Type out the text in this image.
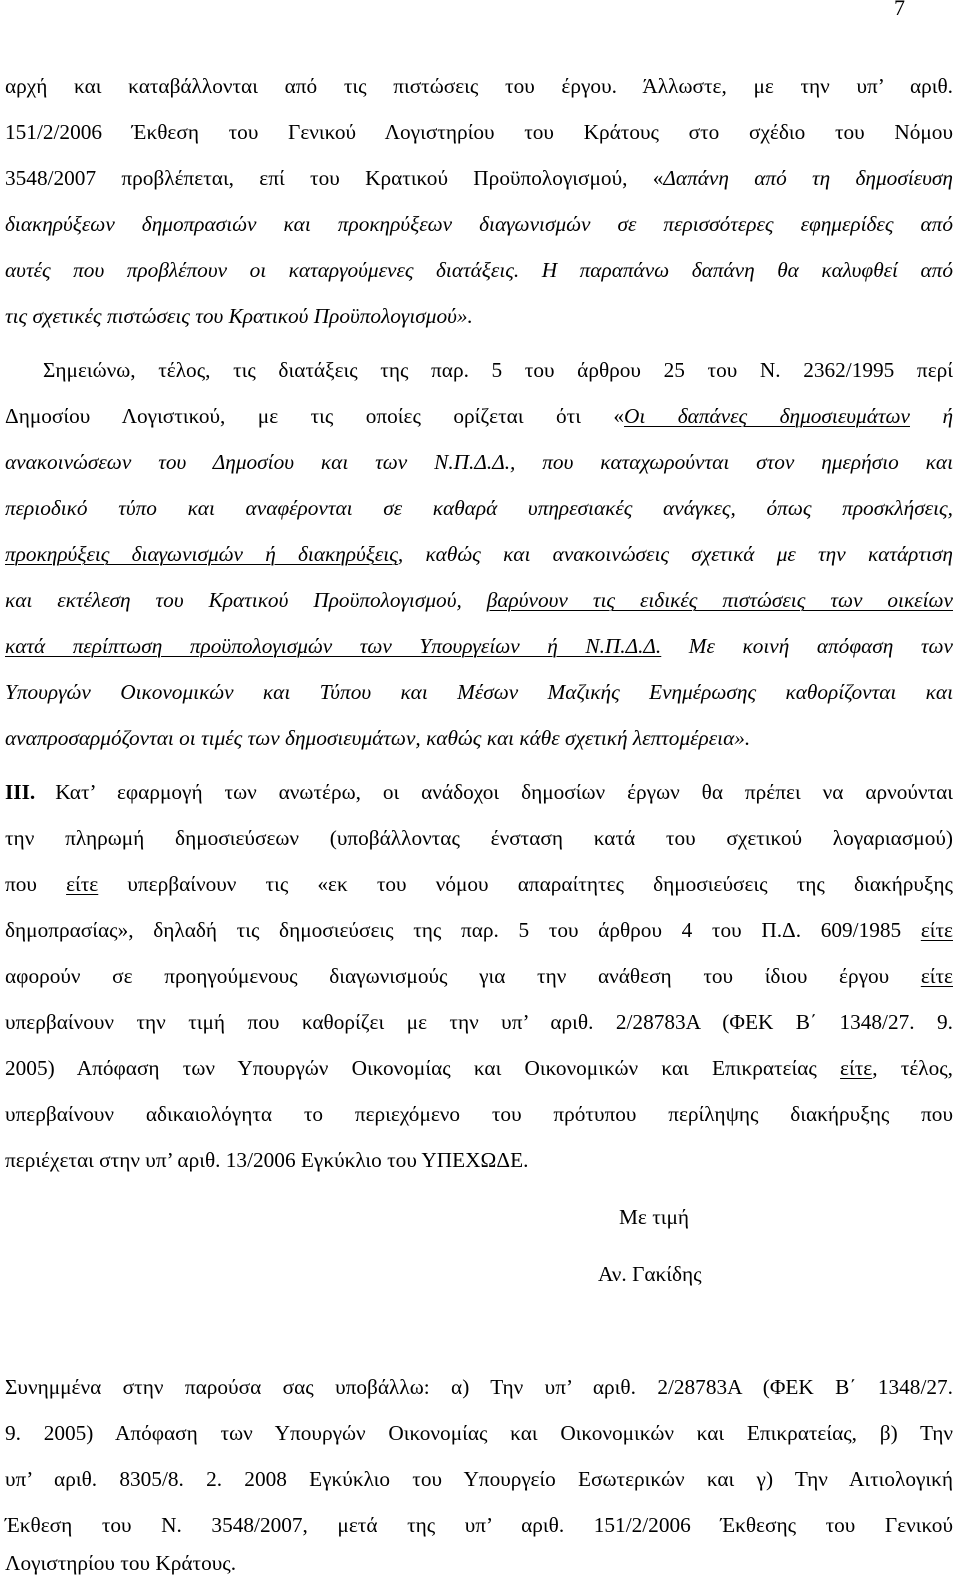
7
αρχή και καταβάλλονται από τις πιστώσεις του έργου. Άλλωστε, με την υπ’ αριθ.
151/2/2006 Έκθεση του Γενικού Λογιστηρίου του Κράτους στο σχέδιο του Νόμου
3548/2007 προβλέπεται, επί του Κρατικού Προϋπολογισμού, «Δαπάνη από τη δημοσίευση
διακηρύξεων δημοπρασιών και προκηρύξεων διαγωνισμών σε περισσότερες εφημερίδες από
αυτές που προβλέπουν οι καταργούμενες διατάξεις. Η παραπάνω δαπάνη θα καλυφθεί από
τις σχετικές πιστώσεις του Κρατικού Προϋπολογισμού».
Σημειώνω, τέλος, τις διατάξεις της παρ. 5 του άρθρου 25 του Ν. 2362/1995 περί
Δημοσίου Λογιστικού, με τις οποίες ορίζεται ότι «Οι δαπάνες δημοσιευμάτων ή
ανακοινώσεων του Δημοσίου και των Ν.Π.Δ.Δ., που καταχωρούνται στον ημερήσιο και
περιοδικό τύπο και αναφέρονται σε καθαρά υπηρεσιακές ανάγκες, όπως προσκλήσεις,
προκηρύξεις διαγωνισμών ή διακηρύξεις, καθώς και ανακοινώσεις σχετικά με την κατάρτιση
και εκτέλεση του Κρατικού Προϋπολογισμού, βαρύνουν τις ειδικές πιστώσεις των οικείων
κατά περίπτωση προϋπολογισμών των Υπουργείων ή Ν.Π.Δ.Δ. Με κοινή απόφαση των
Υπουργών Οικονομικών και Τύπου και Μέσων Μαζικής Ενημέρωσης καθορίζονται και
αναπροσαρμόζονται οι τιμές των δημοσιευμάτων, καθώς και κάθε σχετική λεπτομέρεια».
ΙΙΙ. Κατ’ εφαρμογή των ανωτέρω, οι ανάδοχοι δημοσίων έργων θα πρέπει να αρνούνται
την πληρωμή δημοσιεύσεων (υποβάλλοντας ένσταση κατά του σχετικού λογαριασμού)
που είτε υπερβαίνουν τις «εκ του νόμου απαραίτητες δημοσιεύσεις της διακήρυξης
δημοπρασίας», δηλαδή τις δημοσιεύσεις της παρ. 5 του άρθρου 4 του Π.Δ. 609/1985 είτε
αφορούν σε προηγούμενους διαγωνισμούς για την ανάθεση του ίδιου έργου είτε
υπερβαίνουν την τιμή που καθορίζει με την υπ’ αριθ. 2/28783Α (ΦΕΚ Β΄ 1348/27. 9.
2005) Απόφαση των Υπουργών Οικονομίας και Οικονομικών και Επικρατείας είτε, τέλος,
υπερβαίνουν αδικαιολόγητα το περιεχόμενο του πρότυπου περίληψης διακήρυξης που
περιέχεται στην υπ’ αριθ. 13/2006 Εγκύκλιο του ΥΠΕΧΩΔΕ.
Με τιμή
Αν. Γακίδης
Συνημμένα στην παρούσα σας υποβάλλω: α) Την υπ’ αριθ. 2/28783Α (ΦΕΚ Β΄ 1348/27.
9. 2005) Απόφαση των Υπουργών Οικονομίας και Οικονομικών και Επικρατείας, β) Την
υπ’ αριθ. 8305/8. 2. 2008 Εγκύκλιο του Υπουργείο Εσωτερικών και γ) Την Αιτιολογική
Έκθεση του Ν. 3548/2007, μετά της υπ’ αριθ. 151/2/2006 Έκθεσης του Γενικού
Λογιστηρίου του Κράτους.
